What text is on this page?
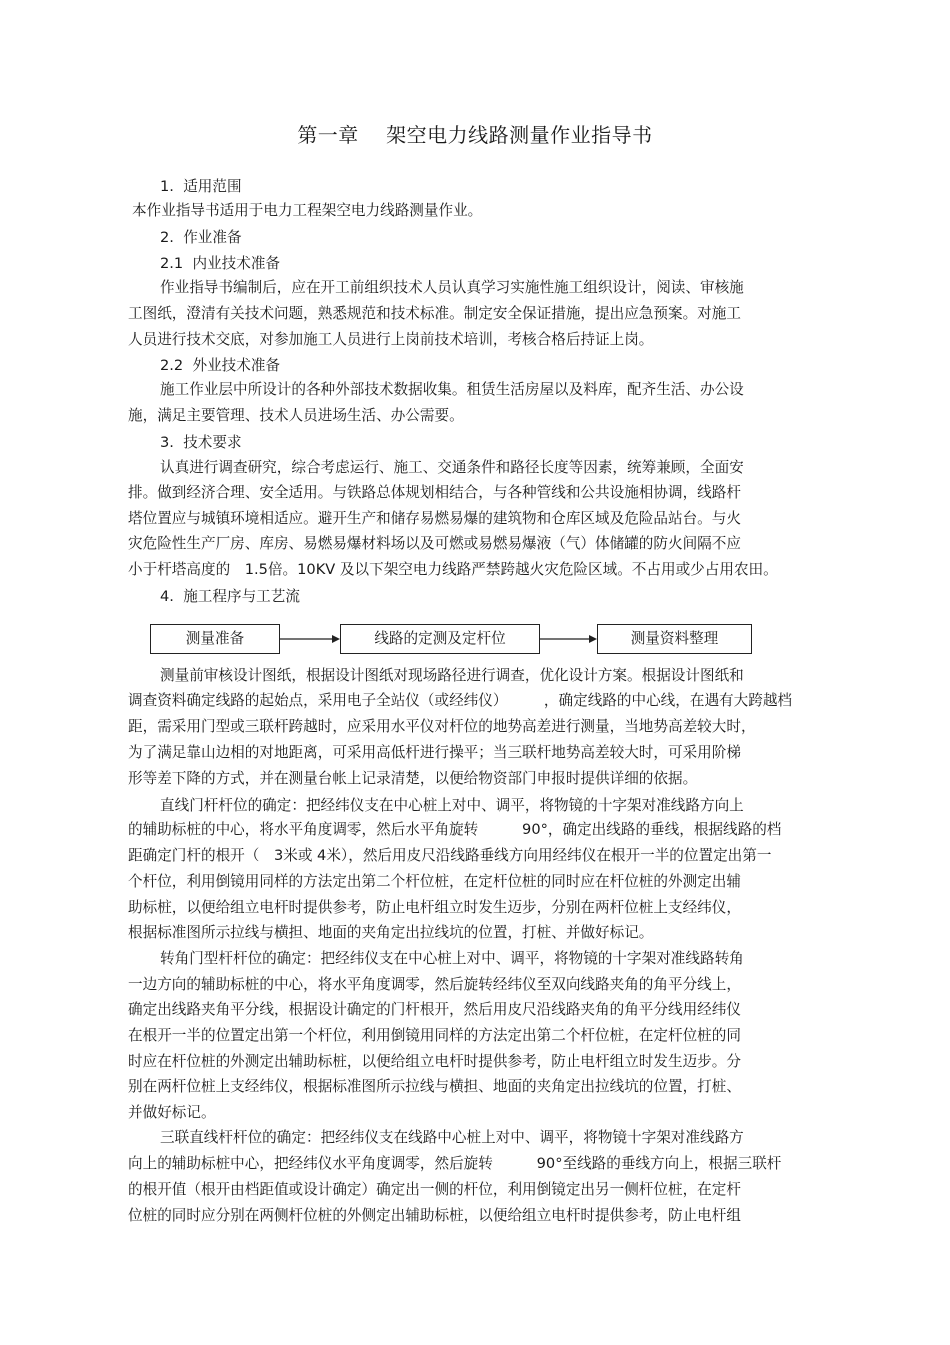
第一章　 架空电力线路测量作业指导书
1.  适用范围
本作业指导书适用于电力工程架空电力线路测量作业。
2.  作业准备
2.1  内业技术准备
作业指导书编制后，应在开工前组织技术人员认真学习实施性施工组织设计，阅读、审核施
工图纸，澄清有关技术问题，熟悉规范和技术标准。制定安全保证措施，提出应急预案。对施工
人员进行技术交底，对参加施工人员进行上岗前技术培训，考核合格后持证上岗。
2.2  外业技术准备
施工作业层中所设计的各种外部技术数据收集。租赁生活房屋以及料库，配齐生活、办公设
施，满足主要管理、技术人员进场生活、办公需要。
3.  技术要求
认真进行调查研究，综合考虑运行、施工、交通条件和路径长度等因素，统筹兼顾，全面安
排。做到经济合理、安全适用。与铁路总体规划相结合，与各种管线和公共设施相协调，线路杆
塔位置应与城镇环境相适应。避开生产和储存易燃易爆的建筑物和仓库区域及危险品站台。与火
灾危险性生产厂房、库房、易燃易爆材料场以及可燃或易燃易爆液（气）体储罐的防火间隔不应
小于杆塔高度的　1.5倍。10KV 及以下架空电力线路严禁跨越火灾危险区域。不占用或少占用农田。
4.  施工程序与工艺流
测量准备	线路的定测及定杆位	测量资料整理
测量前审核设计图纸，根据设计图纸对现场路径进行调查，优化设计方案。根据设计图纸和
调查资料确定线路的起始点，采用电子全站仪（或经纬仪）　　　，确定线路的中心线，在遇有大跨越档
距，需采用门型或三联杆跨越时，应采用水平仪对杆位的地势高差进行测量，当地势高差较大时，
为了满足靠山边相的对地距离，可采用高低杆进行操平；当三联杆地势高差较大时，可采用阶梯
形等差下降的方式，并在测量台帐上记录清楚，以便给物资部门申报时提供详细的依据。
直线门杆杆位的确定：把经纬仪支在中心桩上对中、调平，将物镜的十字架对准线路方向上
的辅助标桩的中心，将水平角度调零，然后水平角旋转　　　90°，确定出线路的垂线，根据线路的档
距确定门杆的根开（　3米或 4米），然后用皮尺沿线路垂线方向用经纬仪在根开一半的位置定出第一
个杆位，利用倒镜用同样的方法定出第二个杆位桩，在定杆位桩的同时应在杆位桩的外测定出辅
助标桩，以便给组立电杆时提供参考，防止电杆组立时发生迈步，分别在两杆位桩上支经纬仪，
根据标准图所示拉线与横担、地面的夹角定出拉线坑的位置，打桩、并做好标记。
转角门型杆杆位的确定：把经纬仪支在中心桩上对中、调平，将物镜的十字架对准线路转角
一边方向的辅助标桩的中心，将水平角度调零，然后旋转经纬仪至双向线路夹角的角平分线上，
确定出线路夹角平分线，根据设计确定的门杆根开，然后用皮尺沿线路夹角的角平分线用经纬仪
在根开一半的位置定出第一个杆位，利用倒镜用同样的方法定出第二个杆位桩，在定杆位桩的同
时应在杆位桩的外测定出辅助标桩，以便给组立电杆时提供参考，防止电杆组立时发生迈步。分
别在两杆位桩上支经纬仪，根据标准图所示拉线与横担、地面的夹角定出拉线坑的位置，打桩、
并做好标记。
三联直线杆杆位的确定：把经纬仪支在线路中心桩上对中、调平，将物镜十字架对准线路方
向上的辅助标桩中心，把经纬仪水平角度调零，然后旋转　　　90°至线路的垂线方向上，根据三联杆
的根开值（根开由档距值或设计确定）确定出一侧的杆位，利用倒镜定出另一侧杆位桩，在定杆
位桩的同时应分别在两侧杆位桩的外侧定出辅助标桩，以便给组立电杆时提供参考，防止电杆组
